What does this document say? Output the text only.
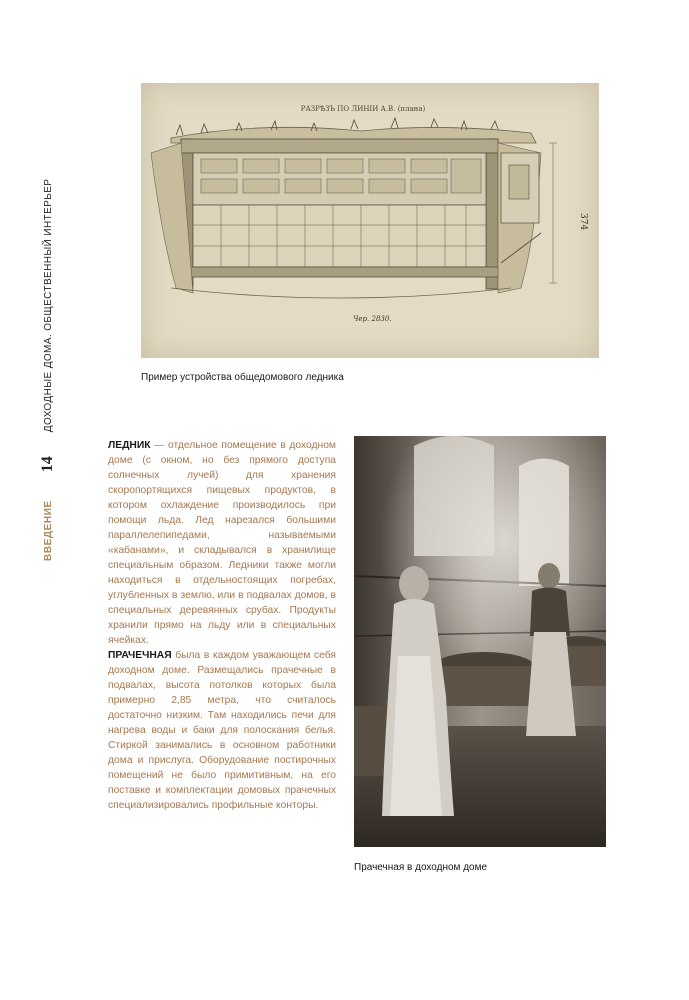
ВВЕДЕНИЕ
14
ДОХОДНЫЕ ДОМА. ОБЩЕСТВЕННЫЙ ИНТЕРЬЕР
РАЗРѢЗЪ ПО ЛИНІИ А.В. (плана)
374
Чер. 2830.
Пример устройства общедомового ледника

ЛЕДНИК — отдельное помещение в доходном доме (с окном, но без прямого доступа солнечных лучей) для хранения скоропортящихся пищевых продуктов, в котором охлаждение производилось при помощи льда. Лед нарезался большими параллелепипедами, называемыми «кабанами», и складывался в хранилище специальным образом. Ледники также могли находиться в отдельностоящих погребах, углубленных в землю, или в подвалах домов, в специальных деревянных срубах. Продукты хранили прямо на льду или в специальных ячейках.

ПРАЧЕЧНАЯ была в каждом уважающем себя доходном доме. Размещались прачечные в подвалах, высота потолков которых была примерно 2,85 метра, что считалось достаточно низким. Там находились печи для нагрева воды и баки для полоскания белья. Стиркой занимались в основном работники дома и прислуга. Оборудование постирочных помещений не было примитивным, на его поставке и комплектации домовых прачечных специализировались профильные конторы.

Прачечная в доходном доме
